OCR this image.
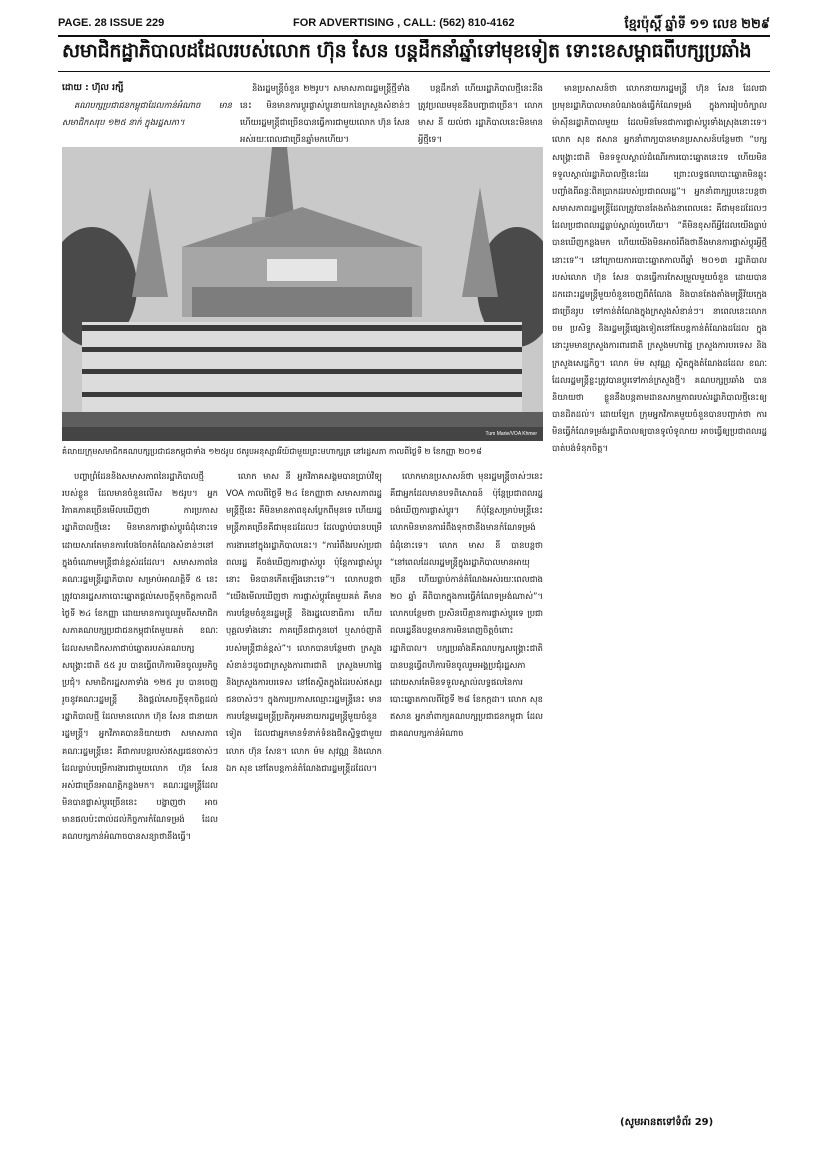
PAGE. 28 ISSUE 229	FOR ADVERTISING , CALL: (562) 810-4162	ខ្មែរប៉ុស្តិ៍ ឆ្នាំទី ១១ លេខ ២២៩
សមាជិកដ្ឋាភិបាលដដែលរបស់លោក ហ៊ុន សែន បន្តដឹកនាំឆ្នាំទៅមុខទៀត ទោះខេសម្ពាធពីបក្សប្រឆាំង
ដោយ : ហ៊ុល រក្សី

គណបក្សប្រជាជនកម្ពុជាដែលកាន់អំណាច មានសមាជិកសរុប ១២៥ នាក់ ក្នុងរដ្ឋសភា។

និងរដ្ឋមន្ត្រីចំនួន ២២រូប។ សមាសភាពរដ្ឋមន្ត្រីថ្មីទាំងនេះ មិនមានការប្ដូរផ្លាស់ប្ដូរនាយកនៃក្រសួងសំខាន់ៗ ហើយរដ្ឋមន្ត្រីជាច្រើនបានធ្វើការជាមួយលោក ហ៊ុន សែន អស់រយៈពេលជាច្រើនឆ្នាំមកហើយ។

បន្តដឹកនាំ ហើយរដ្ឋាភិបាលថ្មីនេះនឹងត្រូវប្រឈមមុខនឹងបញ្ហាជាច្រើន។ លោក មាស នី យល់ថា រដ្ឋាភិបាលនេះមិនមានអ្វីថ្មីទេ។

មានប្រសាសន៍ថា លោកនាយករដ្ឋមន្ត្រី ហ៊ុន សែន ដែលជាប្រមុខរដ្ឋាភិបាលមានបំណងចង់ធ្វើកំណែទម្រង់ ក្នុងការរៀបចំក្បាលម៉ាស៊ីនរដ្ឋាភិបាលមួយ ដែលមិនមែនជាការផ្លាស់ប្ដូរទាំងស្រុងនោះទេ។ លោក សុខ ឥសាន អ្នកនាំពាក្យបានមានប្រសាសន៍បន្ថែមថា “បក្សសង្គ្រោះជាតិ មិនទទួលស្គាល់ដំណើរការបោះឆ្នោតនេះទេ ហើយមិនទទួលស្គាល់រដ្ឋាភិបាលថ្មីនេះដែរ ព្រោះលទ្ធផលបោះឆ្នោតមិនឆ្លុះបញ្ចាំងពីឆន្ទៈពិតប្រាកដរបស់ប្រជាពលរដ្ឋ”។ អ្នកនាំពាក្យរូបនេះបន្តថា សមាសភាពរដ្ឋមន្ត្រីដែលត្រូវបានតែងតាំងនាពេលនេះ គឺជាមុខដដែលៗ ដែលប្រជាពលរដ្ឋធ្លាប់ស្គាល់រួចហើយ។ “គឺមិនខុសពីអ្វីដែលយើងធ្លាប់បានឃើញកន្លងមក ហើយយើងមិនអាចរំពឹងថានឹងមានការផ្លាស់ប្ដូរអ្វីថ្មីនោះទេ”។ នៅក្រោយការបោះឆ្នោតកាលពីឆ្នាំ ២០១៣ រដ្ឋាភិបាលរបស់លោក ហ៊ុន សែន បានធ្វើការកែសម្រួលមួយចំនួន ដោយបានដកដោះរដ្ឋមន្ត្រីមួយចំនួនចេញពីតំណែង និងបានតែងតាំងមន្ត្រីវ័យក្មេងជាច្រើនរូប ទៅកាន់តំណែងក្នុងក្រសួងសំខាន់ៗ។ នាពេលនេះលោក ចម ប្រសិទ្ធ និងរដ្ឋមន្ត្រីផ្សេងទៀតនៅតែបន្តកាន់តំណែងដដែល ក្នុងនោះរួមមានក្រសួងការពារជាតិ ក្រសួងមហាផ្ទៃ ក្រសួងការបរទេស និងក្រសួងសេដ្ឋកិច្ច។ លោក ម៉ម សុវណ្ណ ស្ថិតក្នុងតំណែងដដែល ខណៈដែលរដ្ឋមន្ត្រីខ្លះត្រូវបានប្ដូរទៅកាន់ក្រសួងថ្មី។ គណបក្សប្រឆាំង បាននិយាយថា ខ្លួននឹងបន្តតាមដានសកម្មភាពរបស់រដ្ឋាភិបាលថ្មីនេះឲ្យបានដិតដល់។ ដោយឡែក ក្រុមអ្នកវិភាគមួយចំនួនបានបញ្ជាក់ថា ការមិនធ្វើកំណែទម្រង់រដ្ឋាភិបាលឲ្យបានទូលំទូលាយ អាចធ្វើឲ្យប្រជាពលរដ្ឋបាត់បង់ទំនុកចិត្ត។

Tum Marie/VOA Khmer
គំលាយក្រុមសមាជិកគណបក្សប្រជាជនកម្ពុជាទាំង ១២៥រូប ថតរូបអនុស្សាវរីយ៍ជាមួយព្រះមហាក្សត្រ នៅរដ្ឋសភា កាលពីថ្ងៃទី ២ ខែកញ្ញា ២០១៨

បញ្ហាព្រំដែននិងសមាសភាពនៃរដ្ឋាភិបាលថ្មីរបស់ខ្លួន ដែលមានចំនួនលើស ២៥រូប។ អ្នកវិភាគភាគច្រើនមើលឃើញថា ការប្រកាសរដ្ឋាភិបាលថ្មីនេះ មិនមានការផ្លាស់ប្ដូរធំដុំនោះទេ ដោយសារតែមានការបែងចែកតំណែងសំខាន់ៗនៅក្នុងចំណោមមន្ត្រីជាន់ខ្ពស់ដដែល។ សមាសភាពនៃគណៈរដ្ឋមន្ត្រីរដ្ឋាភិបាល សម្រាប់អាណត្តិទី ៥ នេះ ត្រូវបានរដ្ឋសភាបោះឆ្នោតផ្ដល់សេចក្ដីទុកចិត្តកាលពីថ្ងៃទី ២៤ ខែកញ្ញា ដោយមានការចូលរួមពីសមាជិកសភាគណបក្សប្រជាជនកម្ពុជាតែមួយគត់ ខណៈដែលសមាជិកសភាជាប់ឆ្នោតរបស់គណបក្សសង្គ្រោះជាតិ ៥៥ រូប បានធ្វើពហិការមិនចូលរួមកិច្ចប្រជុំ។ សមាជិករដ្ឋសភាទាំង ១២៥ រូប បានចេញរួចនូវគណៈរដ្ឋមន្ត្រី និងផ្ដល់សេចក្ដីទុកចិត្តដល់រដ្ឋាភិបាលថ្មី ដែលមានលោក ហ៊ុន សែន ជានាយករដ្ឋមន្ត្រី។ អ្នកវិភាគបាននិយាយថា សមាសភាពគណៈរដ្ឋមន្ត្រីនេះ គឺជាការបន្តរបស់ឥស្សរជនចាស់ៗ ដែលធ្លាប់បម្រើការងារជាមួយលោក ហ៊ុន សែន អស់ជាច្រើនអាណត្តិកន្លងមក។ គណៈរដ្ឋមន្ត្រីដែលមិនបានផ្លាស់ប្ដូរច្រើននេះ បង្ហាញថា អាចមានផលប៉ះពាល់ដល់កិច្ចការកំណែទម្រង់ ដែលគណបក្សកាន់អំណាចបានសន្យាថានឹងធ្វើ។

លោក មាស នី អ្នកវិភាគសង្គមបានប្រាប់វិទ្យុ VOA កាលពីថ្ងៃទី ២៤ ខែកញ្ញាថា សមាសភាពរដ្ឋមន្ត្រីថ្មីនេះ គឺមិនមានភាពខុសប្លែកពីមុនទេ ហើយរដ្ឋមន្ត្រីភាគច្រើនគឺជាមុខដដែលៗ ដែលធ្លាប់បានបម្រើការងារនៅក្នុងរដ្ឋាភិបាលនេះ។ “ការរំពឹងរបស់ប្រជាពលរដ្ឋ គឺចង់ឃើញការផ្លាស់ប្ដូរ ប៉ុន្តែការផ្លាស់ប្ដូរនោះ មិនបានកើតឡើងនោះទេ”។ លោកបន្តថា “យើងមើលឃើញថា ការផ្លាស់ប្ដូរតែមួយគត់ គឺមានការបន្ថែមចំនួនរដ្ឋមន្ត្រី និងរដ្ឋលេខាធិការ ហើយបុគ្គលទាំងនោះ ភាគច្រើនជាកូនចៅ ឬសាច់ញាតិរបស់មន្ត្រីជាន់ខ្ពស់”។ លោកបានបន្ថែមថា ក្រសួងសំខាន់ៗដូចជាក្រសួងការពារជាតិ ក្រសួងមហាផ្ទៃ និងក្រសួងការបរទេស នៅតែស្ថិតក្នុងដៃរបស់ឥស្សរជនចាស់ៗ។ ក្នុងការប្រកាសឈ្មោះរដ្ឋមន្ត្រីនេះ មានការបន្ថែមរដ្ឋមន្ត្រីប្រតិភូអមនាយករដ្ឋមន្ត្រីមួយចំនួនទៀត ដែលជាអ្នកមានទំនាក់ទំនងជិតស្និទ្ធជាមួយលោក ហ៊ុន សែន។ លោក ម៉ម សុវណ្ណ និងលោក ឯក សុខ នៅតែបន្តកាន់តំណែងជារដ្ឋមន្ត្រីដដែល។

លោកមានប្រសាសន៍ថា មុខរដ្ឋមន្ត្រីចាស់ៗនេះ គឺជាអ្នកដែលមានបទពិសោធន៍ ប៉ុន្តែប្រជាពលរដ្ឋចង់ឃើញការផ្លាស់ប្ដូរ។ ក៏ប៉ុន្តែសម្រាប់មន្ត្រីនេះ លោកមិនមានការរំពឹងទុកថានឹងមានកំណែទម្រង់ធំដុំនោះទេ។ លោក មាស នី បានបន្តថា “នៅពេលដែលរដ្ឋមន្ត្រីក្នុងរដ្ឋាភិបាលមានអាយុច្រើន ហើយធ្លាប់កាន់តំណែងអស់រយៈពេលជាង ២០ ឆ្នាំ គឺពិបាកក្នុងការធ្វើកំណែទម្រង់ណាស់”។ លោកបន្ថែមថា ប្រសិនបើគ្មានការផ្លាស់ប្ដូរទេ ប្រជាពលរដ្ឋនឹងបន្តមានការមិនពេញចិត្តចំពោះរដ្ឋាភិបាល។ បក្សប្រឆាំងគឺគណបក្សសង្គ្រោះជាតិ បានបន្តធ្វើពហិការមិនចូលរួមអង្គប្រជុំរដ្ឋសភា ដោយសារតែមិនទទួលស្គាល់លទ្ធផលនៃការបោះឆ្នោតកាលពីថ្ងៃទី ២៨ ខែកក្កដា។ លោក សុខ ឥសាន អ្នកនាំពាក្យគណបក្សប្រជាជនកម្ពុជា ដែលជាគណបក្សកាន់អំណាច

(សូមអានតទៅទំព័រ 29)
